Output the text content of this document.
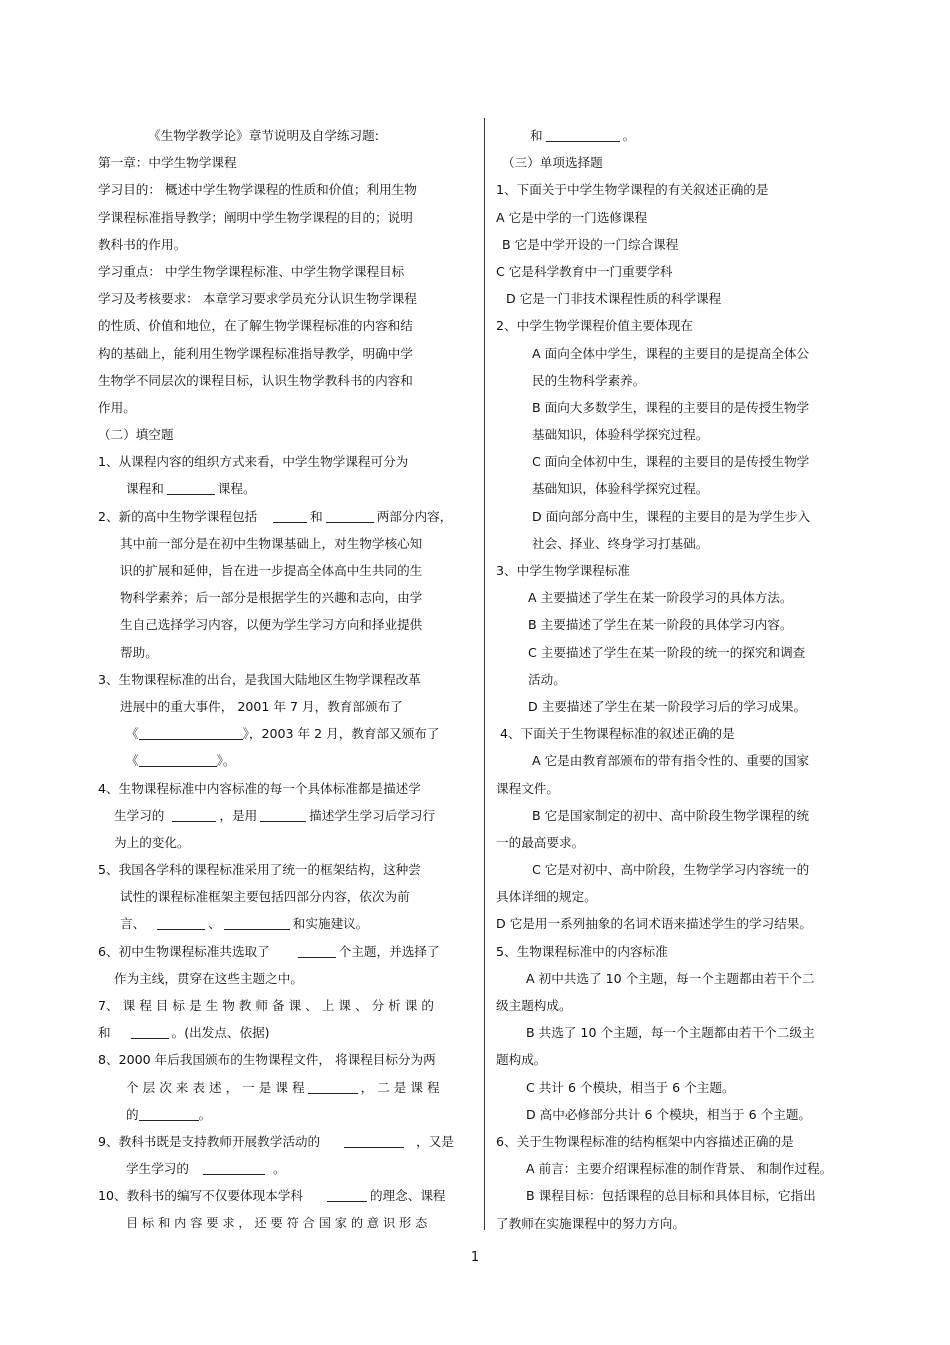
《生物学教学论》章节说明及自学练习题:
第一章：中学生物学课程
学习目的： 概述中学生物学课程的性质和价值；利用生物
学课程标准指导教学；阐明中学生物学课程的目的；说明
教科书的作用。
学习重点： 中学生物学课程标准、中学生物学课程目标
学习及考核要求： 本章学习要求学员充分认识生物学课程
的性质、价值和地位，在了解生物学课程标准的内容和结
构的基础上，能利用生物学课程标准指导教学，明确中学
生物学不同层次的课程目标，认识生物学教科书的内容和
作用。
（二）填空题
1、从课程内容的组织方式来看，中学生物学课程可分为
课程和	课程。
2、新的高中生物学课程包括	和	两部分内容，
其中前一部分是在初中生物课基础上，对生物学核心知
识的扩展和延伸，旨在进一步提高全体高中生共同的生
物科学素养；后一部分是根据学生的兴趣和志向，由学
生自己选择学习内容，以便为学生学习方向和择业提供
帮助。
3、生物课程标准的出台，是我国大陆地区生物学课程改革
进展中的重大事件， 2001 年 7 月，教育部颁布了
《	》，2003 年 2 月，教育部又颁布了
《	》。
4、生物课程标准中内容标准的每一个具体标准都是描述学
生学习的	，是用	描述学生学习后学习行
为上的变化。
5、我国各学科的课程标准采用了统一的框架结构，这种尝
试性的课程标准框架主要包括四部分内容，依次为前
言、	、	和实施建议。
6、初中生物课程标准共选取了	个主题，并选择了
作为主线，贯穿在这些主题之中。
7、 课 程 目 标 是 生 物 教 师 备 课 、 上 课 、 分 析 课 的
和	。(出发点、依据)
8、2000 年后我国颁布的生物课程文件， 将课程目标分为两
个 层 次 来 表 述 ， 一 是 课 程	， 二 是 课 程
的	。
9、教科书既是支持教师开展教学活动的	，又是
学生学习的	。
10、教科书的编写不仅要体现本学科	的理念、课程
目 标 和 内 容 要 求 ， 还 要 符 合 国 家 的 意 识 形 态
和	。
（三）单项选择题
1、下面关于中学生物学课程的有关叙述正确的是
A 它是中学的一门选修课程
B 它是中学开设的一门综合课程
C 它是科学教育中一门重要学科
D 它是一门非技术课程性质的科学课程
2、中学生物学课程价值主要体现在
A 面向全体中学生，课程的主要目的是提高全体公
民的生物科学素养。
B 面向大多数学生，课程的主要目的是传授生物学
基础知识，体验科学探究过程。
C 面向全体初中生，课程的主要目的是传授生物学
基础知识，体验科学探究过程。
D 面向部分高中生，课程的主要目的是为学生步入
社会、择业、终身学习打基础。
3、中学生物学课程标准
A 主要描述了学生在某一阶段学习的具体方法。
B 主要描述了学生在某一阶段的具体学习内容。
C 主要描述了学生在某一阶段的统一的探究和调查
活动。
D 主要描述了学生在某一阶段学习后的学习成果。
4、下面关于生物课程标准的叙述正确的是
A 它是由教育部颁布的带有指令性的、重要的国家
课程文件。
B 它是国家制定的初中、高中阶段生物学课程的统
一的最高要求。
C 它是对初中、高中阶段，生物学学习内容统一的
具体详细的规定。
D 它是用一系列抽象的名词术语来描述学生的学习结果。
5、生物课程标准中的内容标准
A 初中共选了 10 个主题，每一个主题都由若干个二
级主题构成。
B 共选了 10 个主题，每一个主题都由若干个二级主
题构成。
C 共计 6 个模块，相当于 6 个主题。
D 高中必修部分共计 6 个模块，相当于 6 个主题。
6、关于生物课程标准的结构框架中内容描述正确的是
A 前言：主要介绍课程标准的制作背景、 和制作过程。
B 课程目标：包括课程的总目标和具体目标，它指出
了教师在实施课程中的努力方向。
1
